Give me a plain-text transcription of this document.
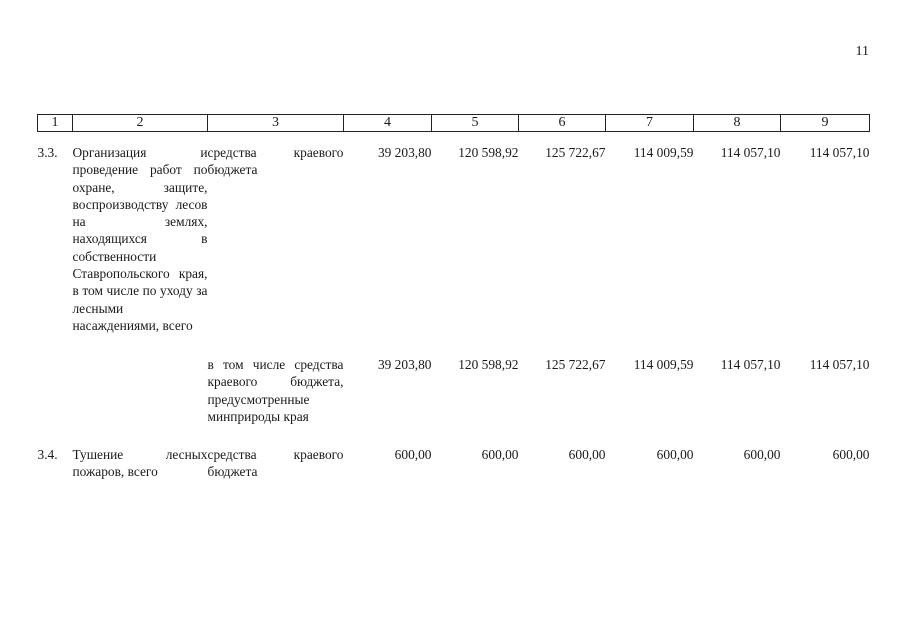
11
1	2	3	4	5	6	7	8	9
3.3.	Организация и проведение работ по охране, защите, воспроизводству лесов на землях, находящихся в собственности Ставропольского края, в том числе по уходу за лесными насаждениями, всего	средства краевого бюджета	39 203,80	120 598,92	125 722,67	114 009,59	114 057,10	114 057,10
		в том числе средства краевого бюджета, предусмотренные минприроды края	39 203,80	120 598,92	125 722,67	114 009,59	114 057,10	114 057,10
3.4.	Тушение лесных пожаров, всего	средства краевого бюджета	600,00	600,00	600,00	600,00	600,00	600,00
